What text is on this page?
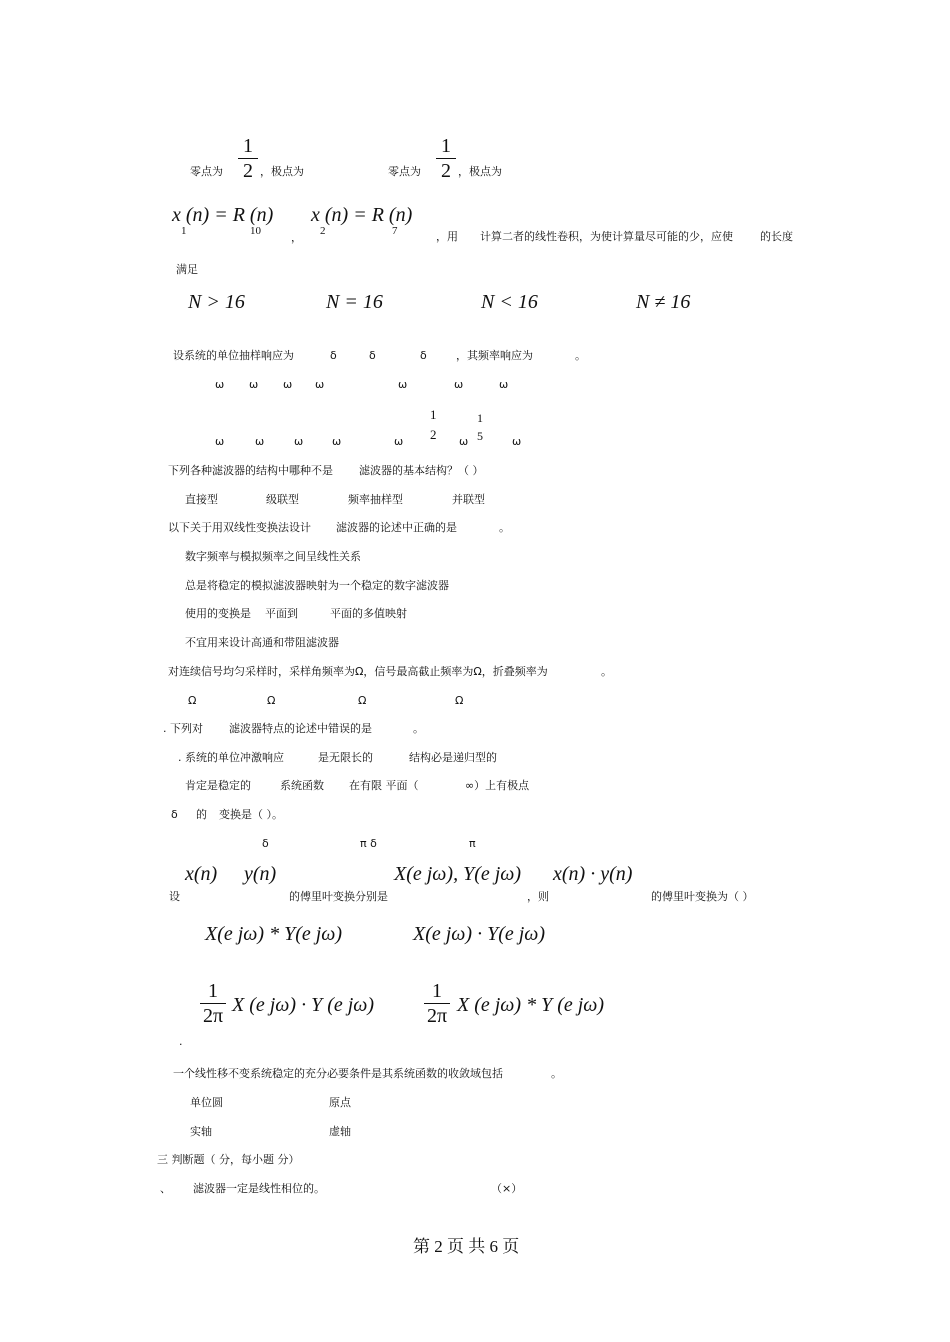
零点为
1
2 ，极点为	零点为
1
2 ，极点为
x (n) = R (n)
1	10	，
x (n) = R (n)
2	7	，用 计算二者的线性卷积，为使计算量尽可能的少，应使 的长度
满足
N > 16	N = 16	N < 16	N ≠ 16
设系统的单位抽样响应为	δ	δ	δ	，其频率响应为	。
ω ω ω ω	ω	ω	ω
ω	ω	ω	ω	ω
1
2 ω
1
5	ω
下列各种滤波器的结构中哪种不是 滤波器的基本结构？（ ）
直接型	级联型	频率抽样型	并联型
以下关于用双线性变换法设计 滤波器的论述中正确的是	。
数字频率与模拟频率之间呈线性关系
总是将稳定的模拟滤波器映射为一个稳定的数字滤波器
使用的变换是 平面到	平面的多值映射
不宜用来设计高通和带阻滤波器
对连续信号均匀采样时，采样角频率为Ω，信号最高截止频率为Ω，折叠频率为	。
Ω	Ω	Ω	Ω
. 下列对 滤波器特点的论述中错误的是	。
. 系统的单位冲激响应	是无限长的	结构必是递归型的
肯定是稳定的	系统函数 在有限 平面（	∞）上有极点
δ 的 变换是（ ）。
δ	π δ	π
x(n) y(n)
设	的傅里叶变换分别是
X(e jω), Y(e jω)
，则
x(n) · y(n)
的傅里叶变换为（ ）
X(e jω) * Y(e jω)	X(e jω) · Y(e jω)
1
2π X (e jω) · Y (e jω)
1
2π X (e jω) * Y (e jω)
.
一个线性移不变系统稳定的充分必要条件是其系统函数的收敛域包括	。
单位圆	原点
实轴	虚轴
三 判断题（ 分，每小题 分）
、 滤波器一定是线性相位的。	（×）
第 2 页 共 6 页
